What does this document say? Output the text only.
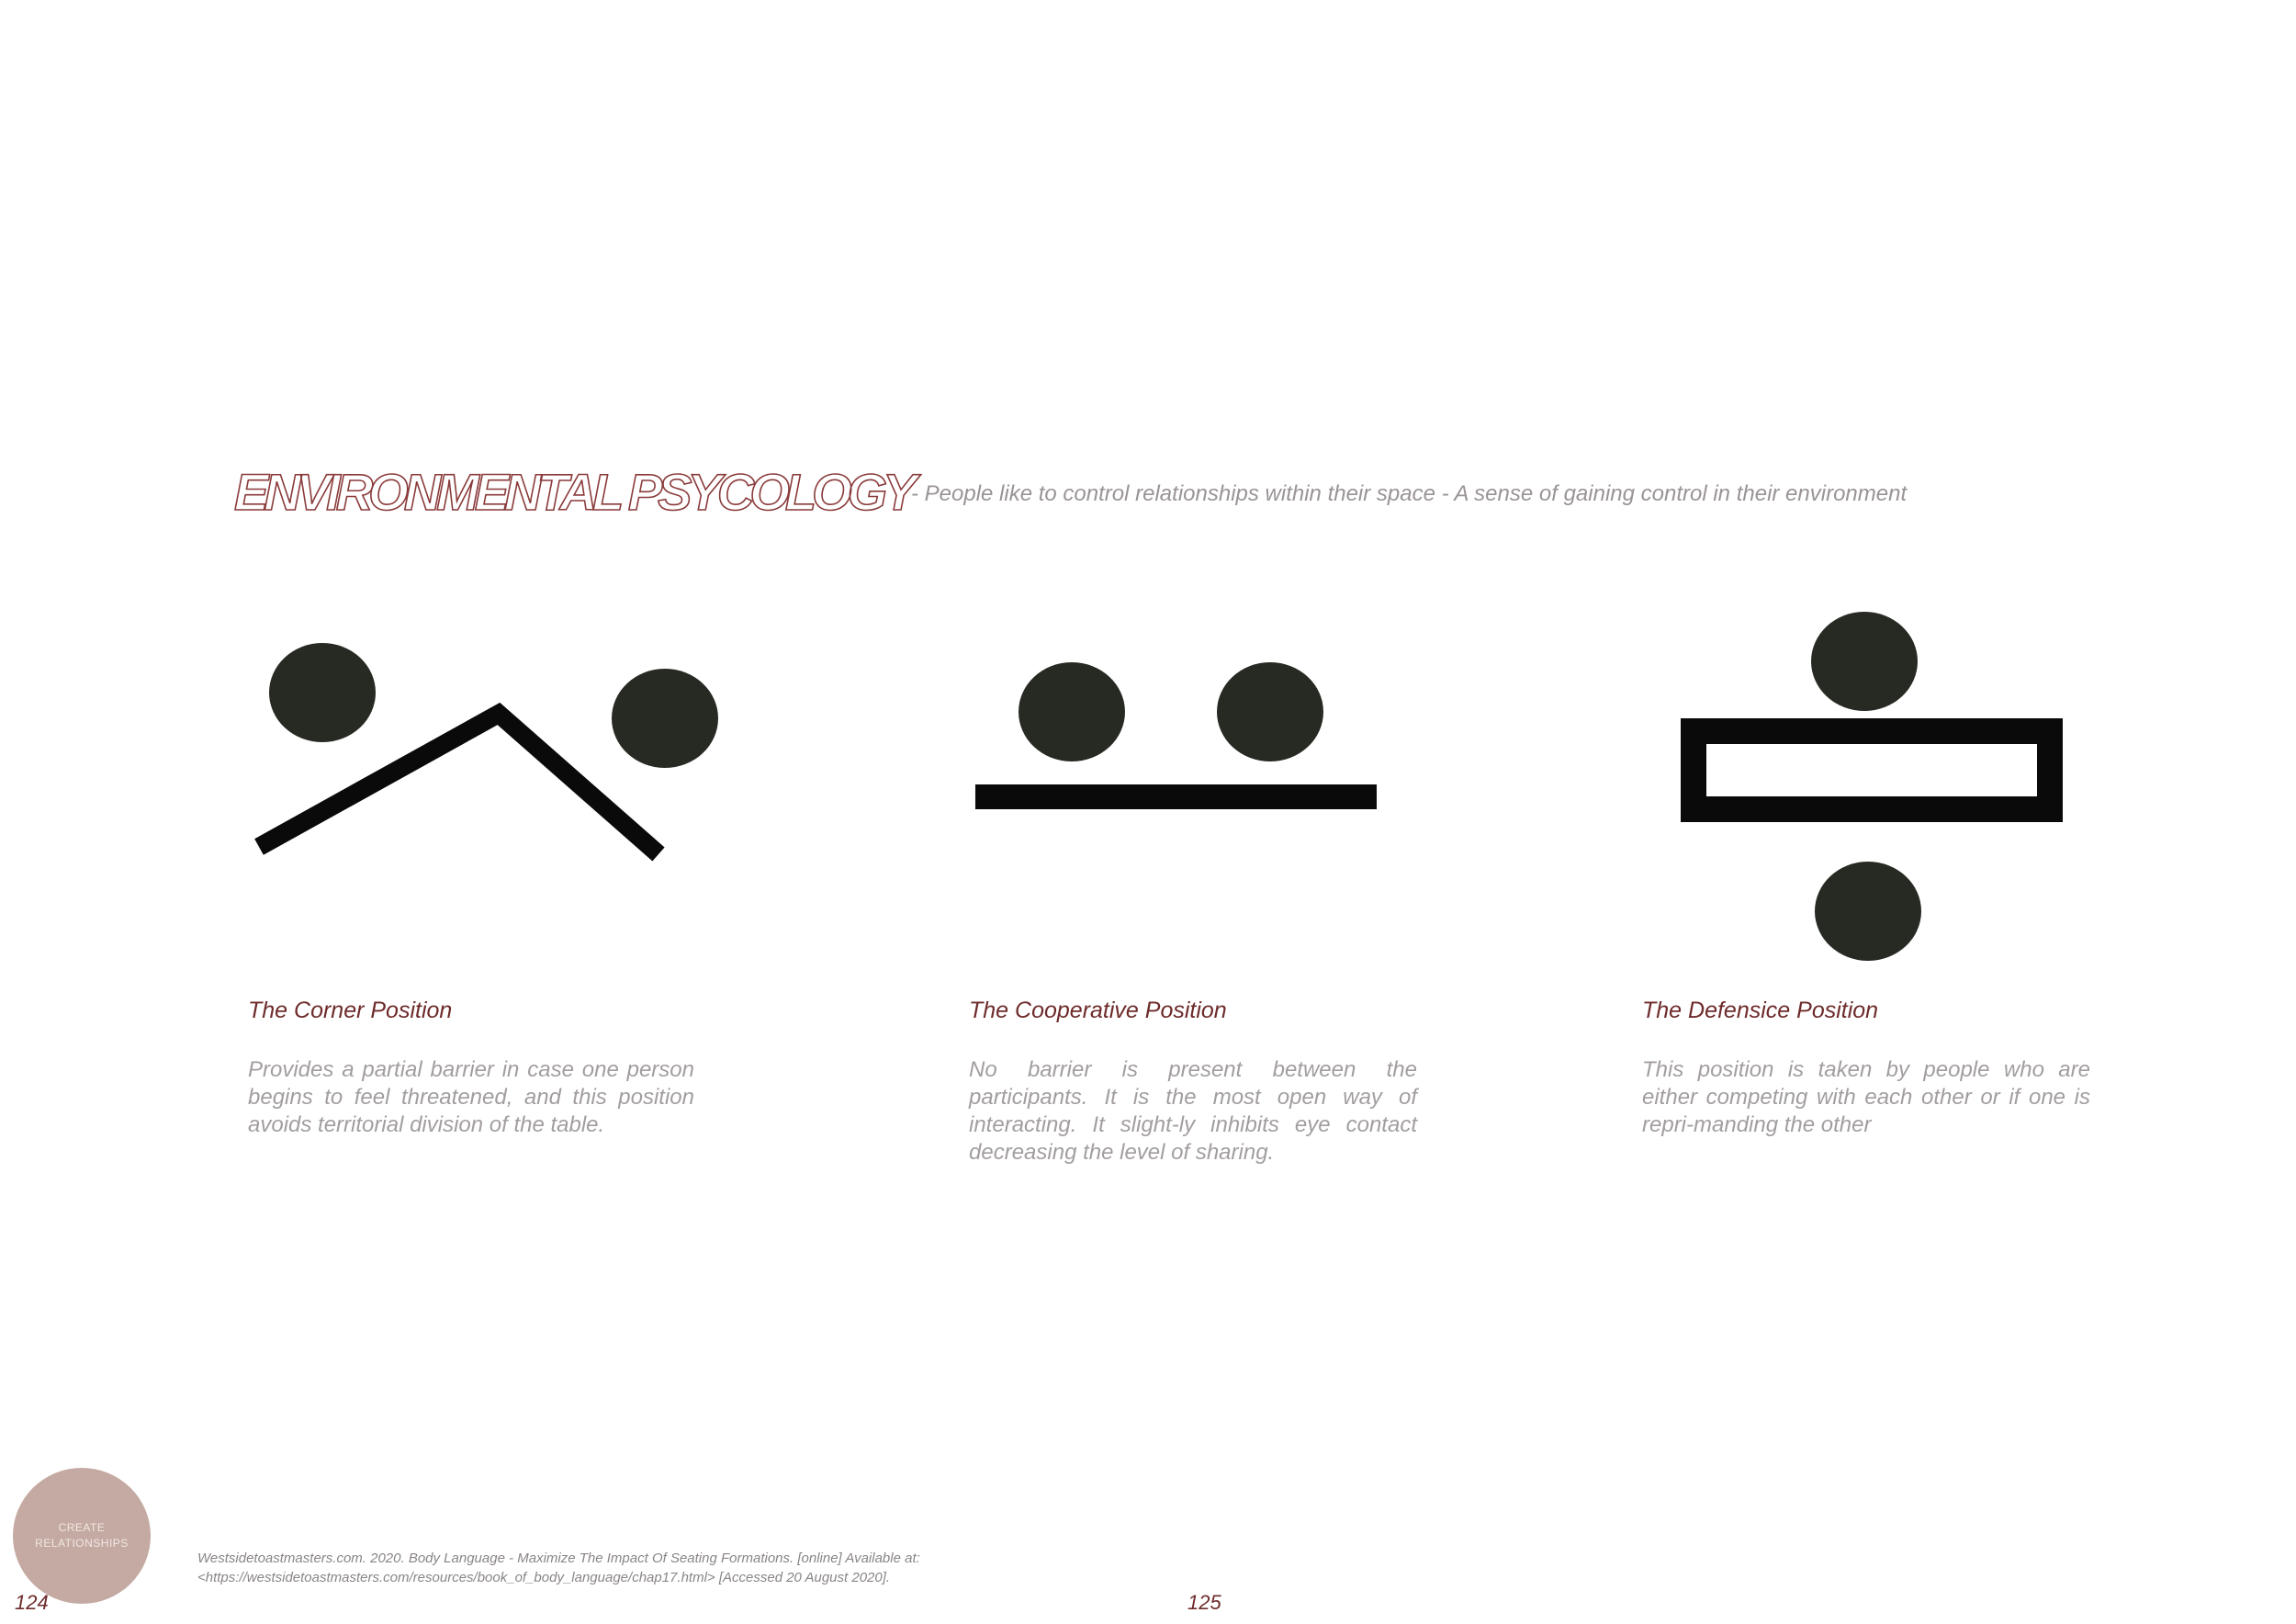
ENVIRONMENTAL PSYCOLOGY
- People like to control relationships within their space - A sense of gaining control in their environment
The Corner Position
Provides a partial barrier in case one person begins to feel threatened, and this position avoids territorial division of the table.
The Cooperative Position
No barrier is present between the participants. It is the most open way of interacting. It slight-ly inhibits eye contact decreasing the level of sharing.
The Defensice Position
This position is taken by people who are either competing with each other or if one is repri-manding the other
CREATE
RELATIONSHIPS
Westsidetoastmasters.com. 2020. Body Language - Maximize The Impact Of Seating Formations. [online] Available at:
<https://westsidetoastmasters.com/resources/book_of_body_language/chap17.html> [Accessed 20 August 2020].
124	125
